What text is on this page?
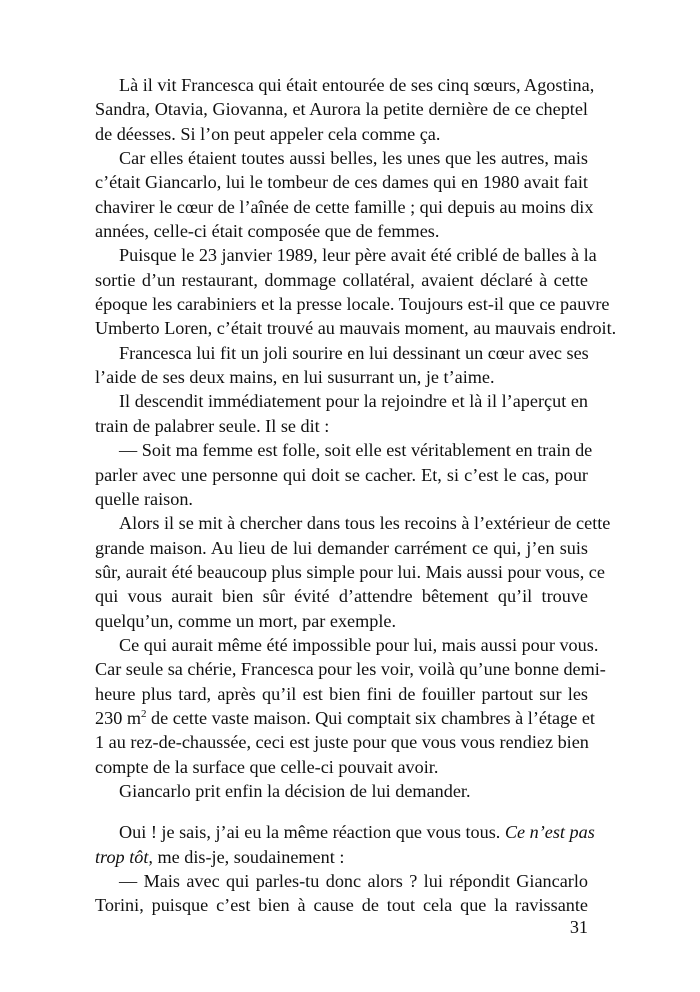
Là il vit Francesca qui était entourée de ses cinq sœurs, Agostina,
Sandra, Otavia, Giovanna, et Aurora la petite dernière de ce cheptel
de déesses. Si l’on peut appeler cela comme ça.
Car elles étaient toutes aussi belles, les unes que les autres, mais
c’était Giancarlo, lui le tombeur de ces dames qui en 1980 avait fait
chavirer le cœur de l’aînée de cette famille ; qui depuis au moins dix
années, celle-ci était composée que de femmes.
Puisque le 23 janvier 1989, leur père avait été criblé de balles à la
sortie d’un restaurant, dommage collatéral, avaient déclaré à cette
époque les carabiniers et la presse locale. Toujours est-il que ce pauvre
Umberto Loren, c’était trouvé au mauvais moment, au mauvais endroit.
Francesca lui fit un joli sourire en lui dessinant un cœur avec ses
l’aide de ses deux mains, en lui susurrant un, je t’aime.
Il descendit immédiatement pour la rejoindre et là il l’aperçut en
train de palabrer seule. Il se dit :
— Soit ma femme est folle, soit elle est véritablement en train de
parler avec une personne qui doit se cacher. Et, si c’est le cas, pour
quelle raison.
Alors il se mit à chercher dans tous les recoins à l’extérieur de cette
grande maison. Au lieu de lui demander carrément ce qui, j’en suis
sûr, aurait été beaucoup plus simple pour lui. Mais aussi pour vous, ce
qui vous aurait bien sûr évité d’attendre bêtement qu’il trouve
quelqu’un, comme un mort, par exemple.
Ce qui aurait même été impossible pour lui, mais aussi pour vous.
Car seule sa chérie, Francesca pour les voir, voilà qu’une bonne demi-
heure plus tard, après qu’il est bien fini de fouiller partout sur les
230 $m^2$ de cette vaste maison. Qui comptait six chambres à l’étage et
1 au rez-de-chaussée, ceci est juste pour que vous vous rendiez bien
compte de la surface que celle-ci pouvait avoir.
Giancarlo prit enfin la décision de lui demander.
Oui ! je sais, j’ai eu la même réaction que vous tous. Ce n’est pas
trop tôt, me dis-je, soudainement :
— Mais avec qui parles-tu donc alors ? lui répondit Giancarlo
Torini, puisque c’est bien à cause de tout cela que la ravissante
31
